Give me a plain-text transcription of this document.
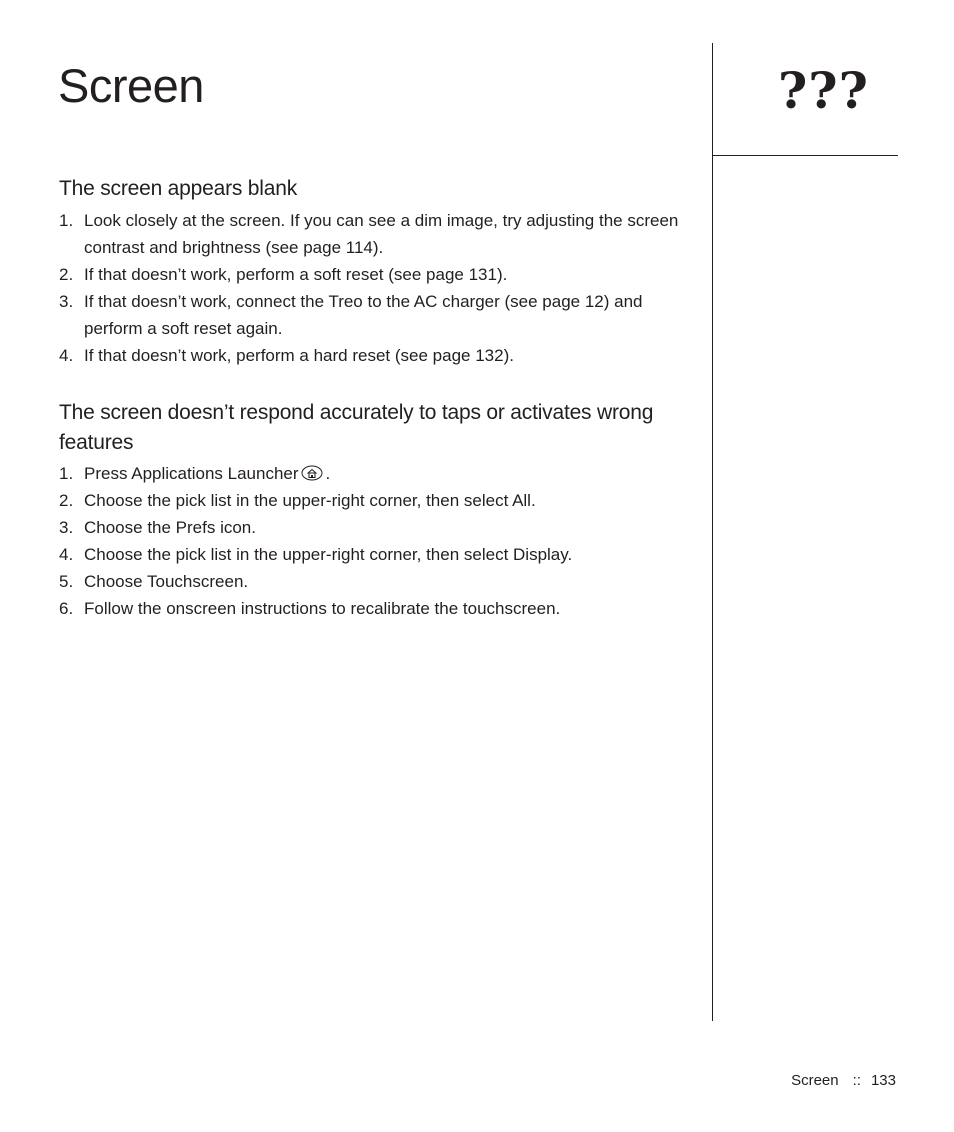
Screen	???
The screen appears blank
1. Look closely at the screen. If you can see a dim image, try adjusting the screen contrast and brightness (see page 114).
2. If that doesn’t work, perform a soft reset (see page 131).
3. If that doesn’t work, connect the Treo to the AC charger (see page 12) and perform a soft reset again.
4. If that doesn’t work, perform a hard reset (see page 132).
The screen doesn’t respond accurately to taps or activates wrong features
1. Press Applications Launcher .
2. Choose the pick list in the upper-right corner, then select All.
3. Choose the Prefs icon.
4. Choose the pick list in the upper-right corner, then select Display.
5. Choose Touchscreen.
6. Follow the onscreen instructions to recalibrate the touchscreen.
Screen :: 133
